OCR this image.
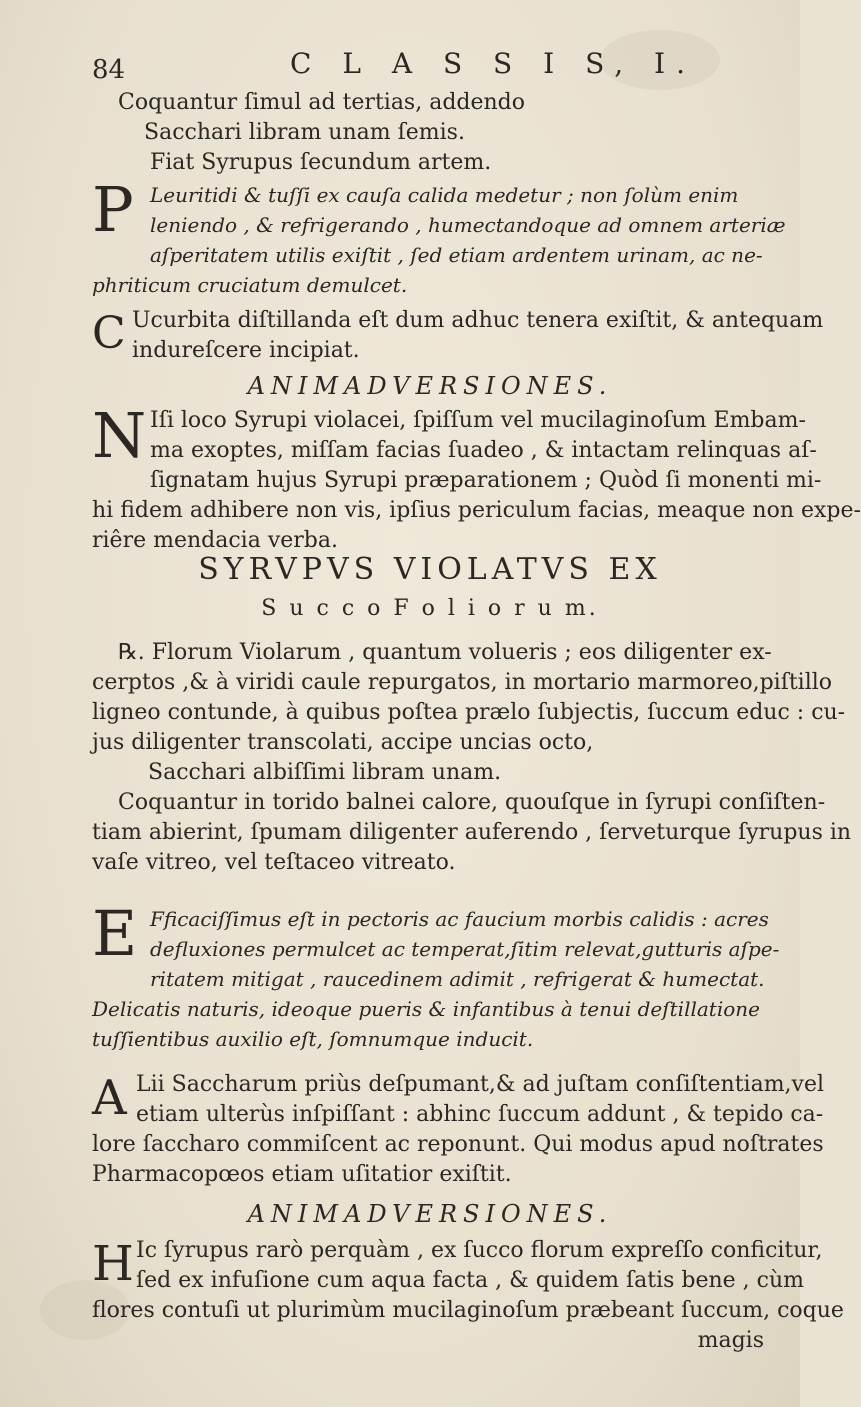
84	C L A S S I S, I.
Coquantur ſimul ad tertias, addendo
Sacchari libram unam ſemis.
Fiat Syrupus ſecundum artem.
P Leuritidi & tuſſi ex cauſa calida medetur ; non ſolùm enim
leniendo , & refrigerando , humectandoque ad omnem arteriæ
aſperitatem utilis exiſtit , ſed etiam ardentem urinam, ac ne-
phriticum cruciatum demulcet.
C Ucurbita diſtillanda eſt dum adhuc tenera exiſtit, & antequam
indureſcere incipiat.
ANIMADVERSIONES.
N Iſi loco Syrupi violacei, ſpiſſum vel mucilaginoſum Embam-
ma exoptes, miſſam facias ſuadeo , & intactam relinquas aſ-
ſignatam hujus Syrupi præparationem ; Quòd ſi monenti mi-
hi fidem adhibere non vis, ipſius periculum facias, meaque non expe-
riêre mendacia verba.
SYRVPVS VIOLATVS EX
S u c c o F o l i o r u m.
℞. Florum Violarum , quantum volueris ; eos diligenter ex-
cerptos ,& à viridi caule repurgatos, in mortario marmoreo,piſtillo
ligneo contunde, à quibus poſtea prælo ſubjectis, ſuccum educ : cu-
jus diligenter transcolati, accipe uncias octo,
Sacchari albiſſimi libram unam.
Coquantur in torido balnei calore, quouſque in ſyrupi conſiſten-
tiam abierint, ſpumam diligenter auferendo , ſerveturque ſyrupus in
vaſe vitreo, vel teſtaceo vitreato.
E Fficaciſſimus eſt in pectoris ac faucium morbis calidis : acres
defluxiones permulcet ac temperat,ſitim relevat,gutturis aſpe-
ritatem mitigat , raucedinem adimit , refrigerat & humectat.
Delicatis naturis, ideoque pueris & infantibus à tenui deſtillatione
tuſſientibus auxilio eſt, ſomnumque inducit.
A Lii Saccharum priùs deſpumant,& ad juſtam conſiſtentiam,vel
etiam ulterùs inſpiſſant : abhinc ſuccum addunt , & tepido ca-
lore ſaccharo commiſcent ac reponunt. Qui modus apud noſtrates
Pharmacopœos etiam uſitatior exiſtit.
ANIMADVERSIONES.
H Ic ſyrupus rarò perquàm , ex ſucco florum expreſſo conficitur,
ſed ex infuſione cum aqua facta , & quidem ſatis bene , cùm
flores contuſi ut plurimùm mucilaginoſum præbeant ſuccum, coque
magis
